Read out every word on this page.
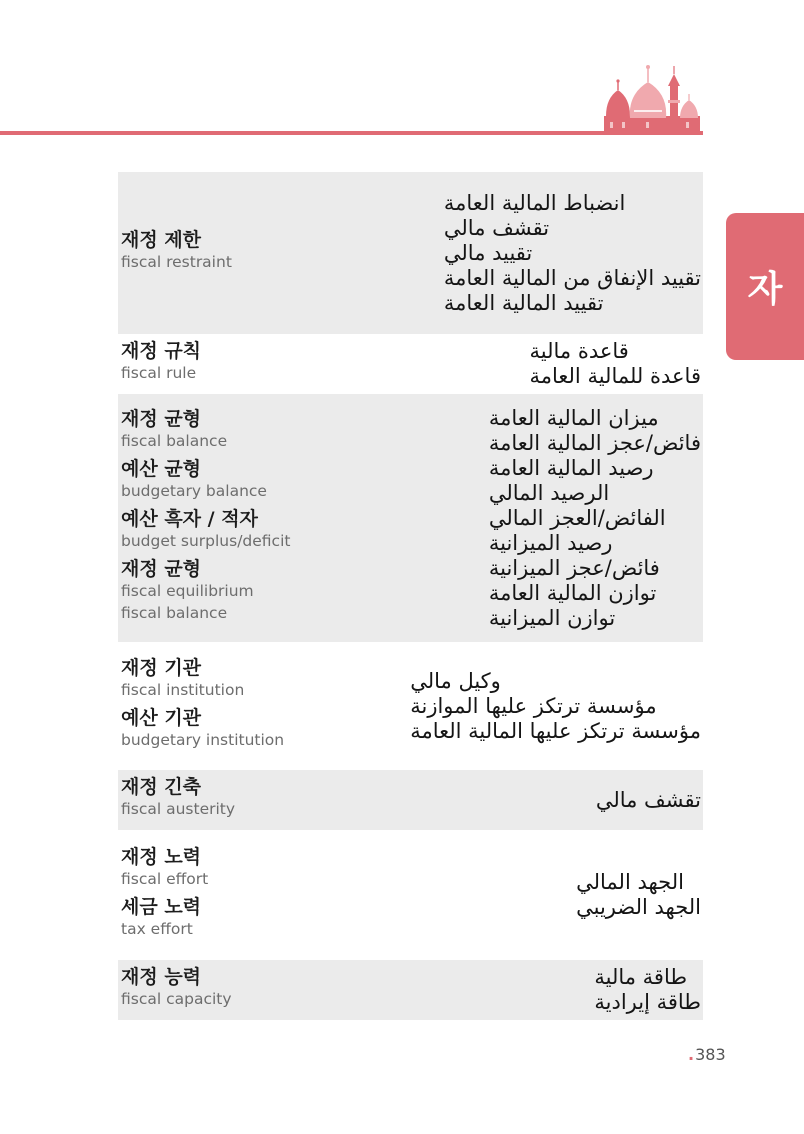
자
재정 제한
fiscal restraint
انضباط المالية العامة
تقشف مالي
تقييد مالي
تقييد الإنفاق من المالية العامة
تقييد المالية العامة
재정 규칙
fiscal rule
قاعدة مالية
قاعدة للمالية العامة
재정 균형
fiscal balance
예산 균형
budgetary balance
예산 흑자 / 적자
budget surplus/deficit
재정 균형
fiscal equilibrium
fiscal balance
ميزان المالية العامة
فائض/عجز المالية العامة
رصيد المالية العامة
الرصيد المالي
الفائض/العجز المالي
رصيد الميزانية
فائض/عجز الميزانية
توازن المالية العامة
توازن الميزانية
재정 기관
fiscal institution
예산 기관
budgetary institution
وكيل مالي
مؤسسة ترتكز عليها الموازنة
مؤسسة ترتكز عليها المالية العامة
재정 긴축
fiscal austerity	تقشف مالي
재정 노력
fiscal effort
세금 노력
tax effort
الجهد المالي
الجهد الضريبي
재정 능력
fiscal capacity
طاقة مالية
طاقة إيرادية
.383
